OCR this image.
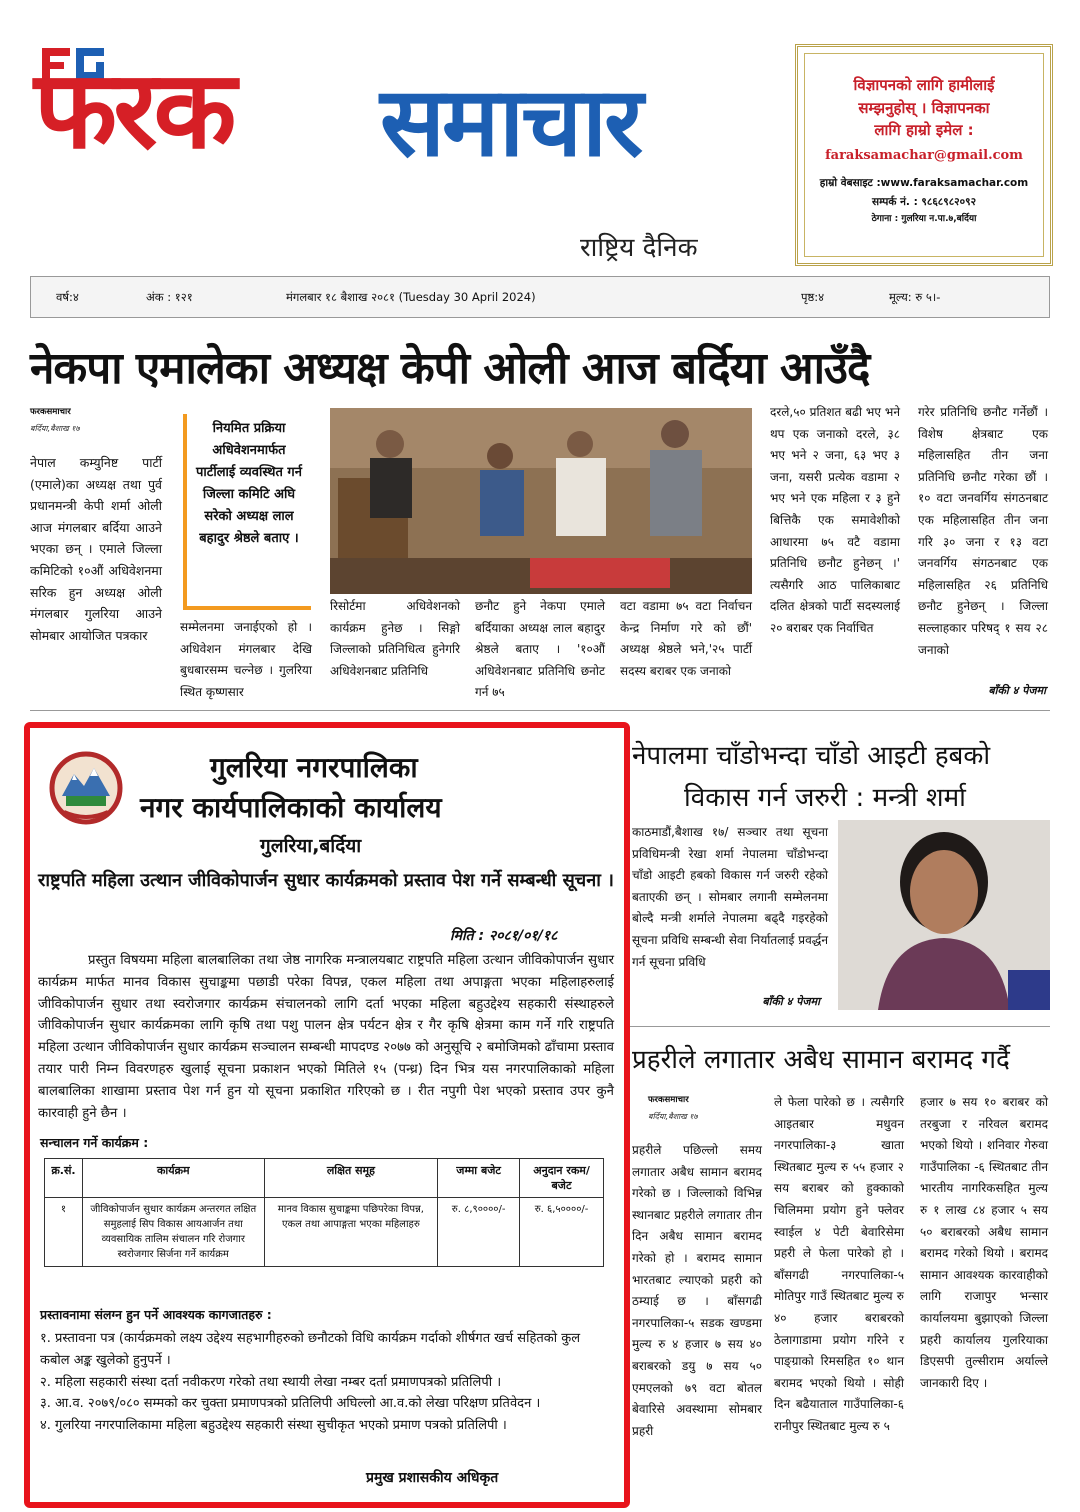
फरक समाचार
राष्ट्रिय दैनिक
विज्ञापनको लागि हामीलाई
सम्झनुहोस् । विज्ञापनका
लागि हाम्रो इमेल :
faraksamachar@gmail.com
हाम्रो वेबसाइट :www.faraksamachar.com
सम्पर्क नं. : ९८६८९८२०९२
ठेगाना : गुलरिया न.पा.७,बर्दिया
वर्ष:४	अंक : १२१	मंगलबार १८ बैशाख २०८१ (Tuesday 30 April 2024)	पृष्ठ:४	मूल्य: रु ५।-
नेकपा एमालेका अध्यक्ष केपी ओली आज बर्दिया आउँदै
फरकसमाचार
बर्दिया,बैशाख १७
नेपाल कम्युनिष्ट पार्टी (एमाले)का अध्यक्ष तथा पुर्व प्रधानमन्त्री केपी शर्मा ओली आज मंगलबार बर्दिया आउने भएका छन् । एमाले जिल्ला कमिटिको १०औं अधिवेशनमा सरिक हुन अध्यक्ष ओली मंगलबार गुलरिया आउने सोमबार आयोजित पत्रकार
नियमित प्रक्रिया अधिवेशनमार्फत पार्टीलाई व्यवस्थित गर्न जिल्ला कमिटि अघि सरेको अध्यक्ष लाल बहादुर श्रेष्ठले बताए ।
सम्मेलनमा जनाईएको हो । अधिवेशन मंगलबार देखि बुधबारसम्म चल्नेछ । गुलरिया स्थित कृष्णसार
रिसोर्टमा अधिवेशनको कार्यक्रम हुनेछ । सिङ्गो जिल्लाको प्रतिनिधित्व हुनेगरि अधिवेशनबाट प्रतिनिधि
छनौट हुने नेकपा एमाले बर्दियाका अध्यक्ष लाल बहादुर श्रेष्ठले बताए । '१०औं अधिवेशनबाट प्रतिनिधि छनोट गर्न ७५
वटा वडामा ७५ वटा निर्वाचन केन्द्र निर्माण गरे को छौं' अध्यक्ष श्रेष्ठले भने,'२५ पार्टी सदस्य बराबर एक जनाको
दरले,५० प्रतिशत बढी भए भने थप एक जनाको दरले, ३८ भए भने २ जना, ६३ भए ३ जना, यसरी प्रत्येक वडामा २ भए भने एक महिला र ३ हुने बित्तिकै एक समावेशीको आधारमा ७५ वटै वडामा प्रतिनिधि छनौट हुनेछन् ।' त्यसैगरि आठ पालिकाबाट दलित क्षेत्रको पार्टी सदस्यलाई २० बराबर एक निर्वाचित
गरेर प्रतिनिधि छनौट गर्नेछौं । विशेष क्षेत्रबाट एक महिलासहित तीन जना प्रतिनिधि छनौट गरेका छौं । १० वटा जनवर्गिय संगठनबाट एक महिलासहित तीन जना गरि ३० जना र १३ वटा जनवर्गिय संगठनबाट एक महिलासहित २६ प्रतिनिधि छनौट हुनेछन् । जिल्ला सल्लाहकार परिषद् १ सय २८ जनाको
बाँकी ४ पेजमा
गुलरिया नगरपालिका
नगर कार्यपालिकाको कार्यालय
गुलरिया,बर्दिया
राष्ट्रपति महिला उत्थान जीविकोपार्जन सुधार कार्यक्रमको प्रस्ताव पेश गर्ने सम्बन्धी सूचना ।
मिति : २०८१/०१/१८
प्रस्तुत विषयमा महिला बालबालिका तथा जेष्ठ नागरिक मन्त्रालयबाट राष्ट्रपति महिला उत्थान जीविकोपार्जन सुधार कार्यक्रम मार्फत मानव विकास सुचाङ्कमा पछाडी परेका विपन्न, एकल महिला तथा अपाङ्गता भएका महिलाहरुलाई जीविकोपार्जन सुधार तथा स्वरोजगार कार्यक्रम संचालनको लागि दर्ता भएका महिला बहुउद्देश्य सहकारी संस्थाहरुले जीविकोपार्जन सुधार कार्यक्रमका लागि कृषि तथा पशु पालन क्षेत्र पर्यटन क्षेत्र र गैर कृषि क्षेत्रमा काम गर्ने गरि राष्ट्रपति महिला उत्थान जीविकोपार्जन सुधार कार्यक्रम सञ्चालन सम्बन्धी मापदण्ड २०७७ को अनुसूचि २ बमोजिमको ढाँचामा प्रस्ताव तयार पारी निम्न विवरणहरु खुलाई सूचना प्रकाशन भएको मितिले १५ (पन्ध्र) दिन भित्र यस नगरपालिकाको महिला बालबालिका शाखामा प्रस्ताव पेश गर्न हुन यो सूचना प्रकाशित गरिएको छ । रीत नपुगी पेश भएको प्रस्ताव उपर कुनै कारवाही हुने छैन ।
सन्चालन गर्ने कार्यक्रम :
क्र.सं.	कार्यक्रम	लक्षित समूह	जम्मा बजेट	अनुदान रकम/बजेट
१	जीविकोपार्जन सुधार कार्यक्रम अन्तरगत लक्षित समुहलाई सिप विकास आयआर्जन तथा व्यवसायिक तालिम संचालन गरि रोजगार स्वरोजगार सिर्जना गर्ने कार्यक्रम	मानव विकास सुचाङ्कमा पछिपरेका विपन्न, एकल तथा आपाङ्गता भएका महिलाहरु	रु. ८,९००००/-	रु. ६,५००००/-
प्रस्तावनामा संलग्न हुन पर्ने आवश्यक कागजातहरु :
१. प्रस्तावना पत्र (कार्यक्रमको लक्ष्य उद्देश्य सहभागीहरुको छनौटको विधि कार्यक्रम गर्दाको शीर्षगत खर्च सहितको कुल कबोल अङ्क खुलेको हुनुपर्ने ।
२. महिला सहकारी संस्था दर्ता नवीकरण गरेको तथा स्थायी लेखा नम्बर दर्ता प्रमाणपत्रको प्रतिलिपी ।
३. आ.व. २०७९/०८० सम्मको कर चुक्ता प्रमाणपत्रको प्रतिलिपी अघिल्लो आ.व.को लेखा परिक्षण प्रतिवेदन ।
४. गुलरिया नगरपालिकामा महिला बहुउद्देश्य सहकारी संस्था सुचीकृत भएको प्रमाण पत्रको प्रतिलिपी ।
प्रमुख प्रशासकीय अधिकृत
नेपालमा चाँडोभन्दा चाँडो आइटी हबको
विकास गर्न जरुरी : मन्त्री शर्मा
काठमाडौं,बैशाख १७/ सञ्चार तथा सूचना प्रविधिमन्त्री रेखा शर्मा नेपालमा चाँडोभन्दा चाँडो आइटी हबको विकास गर्न जरुरी रहेको बताएकी छन् । सोमबार लगानी सम्मेलनमा बोल्दै मन्त्री शर्माले नेपालमा बढ्दै गइरहेको सूचना प्रविधि सम्बन्धी सेवा निर्यातलाई प्रवर्द्धन गर्न सूचना प्रविधि
बाँकी ४ पेजमा
प्रहरीले लगातार अबैध सामान बरामद गर्दै
फरकसमाचार
बर्दिया,बैशाख १७
प्रहरीले पछिल्लो समय लगातार अबैध सामान बरामद गरेको छ । जिल्लाको विभिन्न स्थानबाट प्रहरीले लगातार तीन दिन अबैध सामान बरामद गरेको हो । बरामद सामान भारतबाट ल्याएको प्रहरी को ठम्याई छ । बाँसगढी नगरपालिका-५ सडक खण्डमा मुल्य रु ४ हजार ७ सय ४० बराबरको डयु ७ सय ५० एमएलको ७९ वटा बोतल बेवारिसे अवस्थामा सोमबार प्रहरी
ले फेला पारेको छ । त्यसैगरि आइतबार मधुवन नगरपालिका-३ खाता स्थितबाट मुल्य रु ५५ हजार २ सय बराबर को हुक्काको चिलिममा प्रयोग हुने फ्लेवर स्वाईल ४ पेटी बेवारिसेमा प्रहरी ले फेला पारेको हो । बाँसगढी नगरपालिका-५ मोतिपुर गाउँ स्थितबाट मुल्य रु ४० हजार बराबरको ठेलागाडामा प्रयोग गरिने र पाङ्ग्राको रिमसहित १० थान बरामद भएको थियो । सोही दिन बढैयाताल गाउँपालिका-६ रानीपुर स्थितबाट मुल्य रु ५
हजार ७ सय १० बराबर को तरबुजा र नरिवल बरामद भएको थियो । शनिवार गेरुवा गाउँपालिका -६ स्थितबाट तीन भारतीय नागरिकसहित मुल्य रु १ लाख ८४ हजार ५ सय ५० बराबरको अबैध सामान बरामद गरेको थियो । बरामद सामान आवश्यक कारवाहीको लागि राजापुर भन्सार कार्यालयमा बुझाएको जिल्ला प्रहरी कार्यालय गुलरियाका डिएसपी तुल्सीराम अर्याल्ले जानकारी दिए ।
